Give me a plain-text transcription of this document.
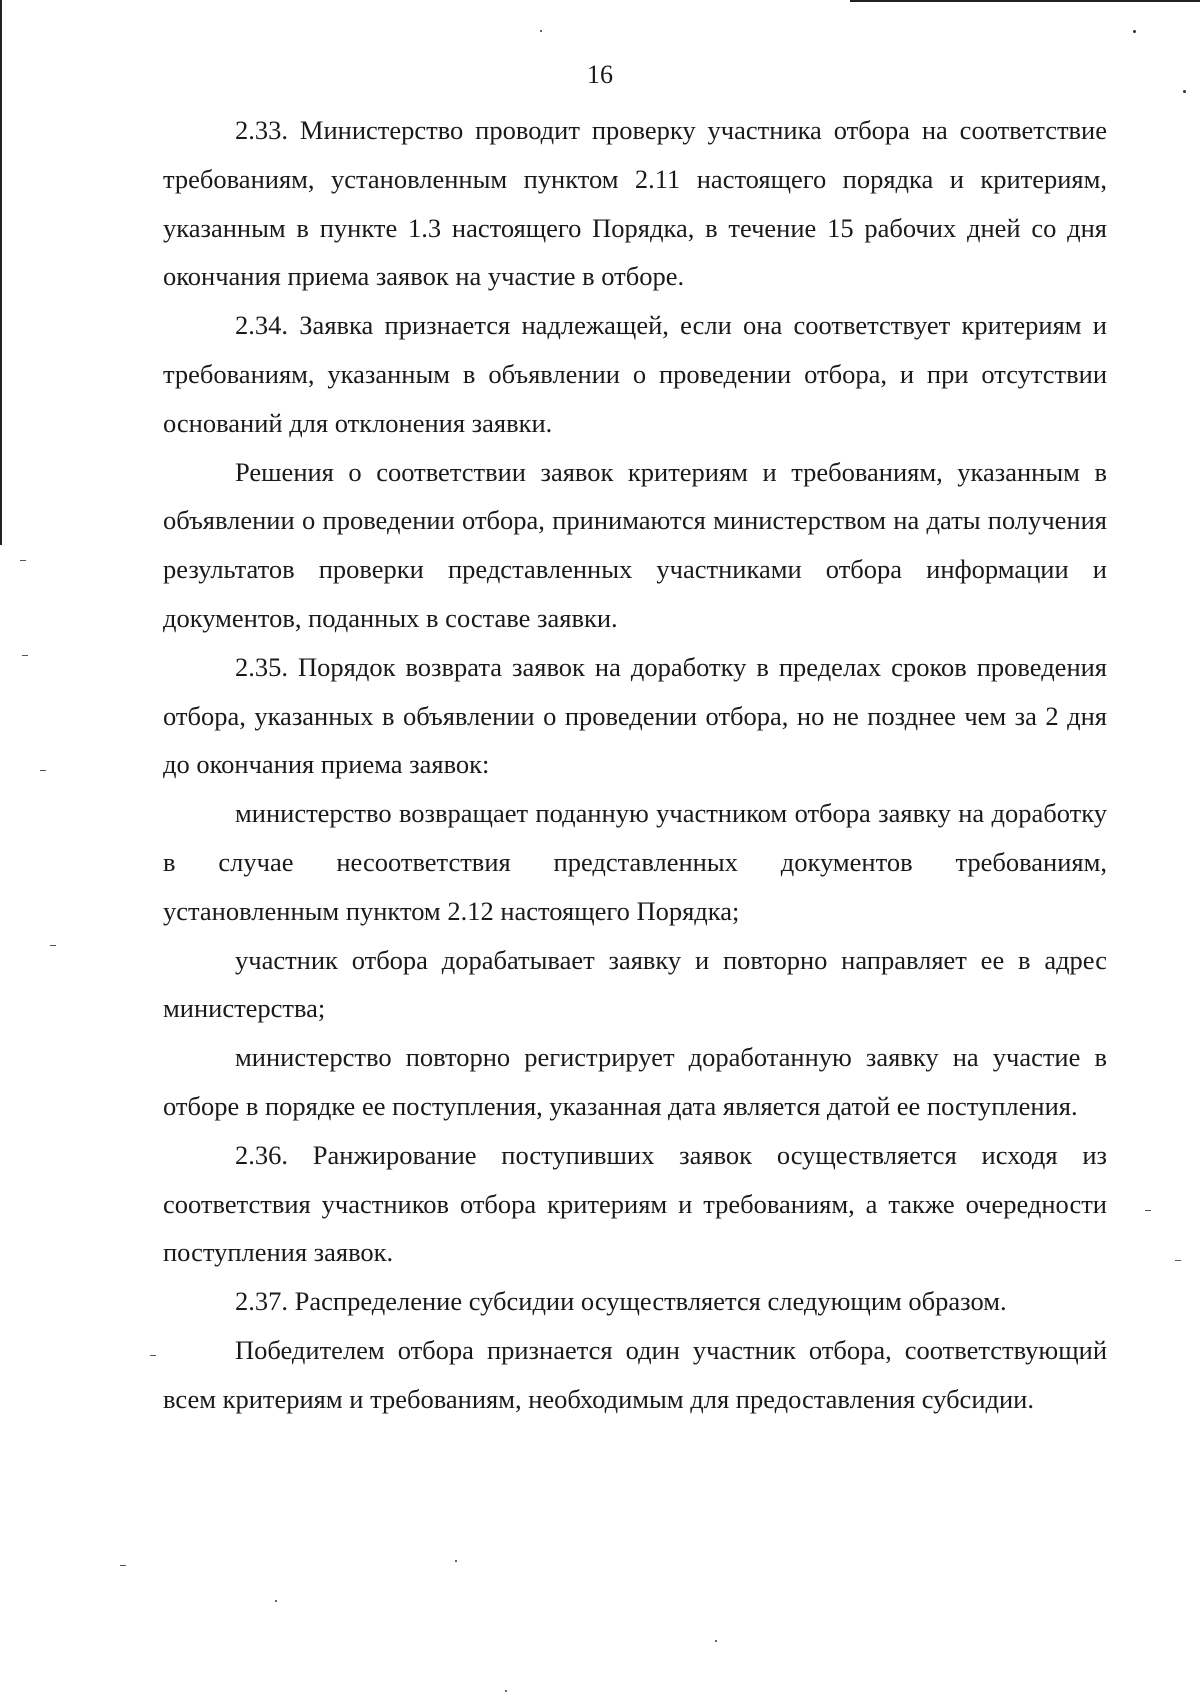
16

2.33. Министерство проводит проверку участника отбора на соответствие требованиям, установленным пунктом 2.11 настоящего порядка и критериям, указанным в пункте 1.3 настоящего Порядка, в течение 15 рабочих дней со дня окончания приема заявок на участие в отборе.

2.34. Заявка признается надлежащей, если она соответствует критериям и требованиям, указанным в объявлении о проведении отбора, и при отсутствии оснований для отклонения заявки.

Решения о соответствии заявок критериям и требованиям, указанным в объявлении о проведении отбора, принимаются министерством на даты получения результатов проверки представленных участниками отбора информации и документов, поданных в составе заявки.

2.35. Порядок возврата заявок на доработку в пределах сроков проведения отбора, указанных в объявлении о проведении отбора, но не позднее чем за 2 дня до окончания приема заявок:

министерство возвращает поданную участником отбора заявку на доработку в случае несоответствия представленных документов требованиям, установленным пунктом 2.12 настоящего Порядка;

участник отбора дорабатывает заявку и повторно направляет ее в адрес министерства;

министерство повторно регистрирует доработанную заявку на участие в отборе в порядке ее поступления, указанная дата является датой ее поступления.

2.36. Ранжирование поступивших заявок осуществляется исходя из соответствия участников отбора критериям и требованиям, а также очередности поступления заявок.

2.37. Распределение субсидии осуществляется следующим образом.

Победителем отбора признается один участник отбора, соответствующий всем критериям и требованиям, необходимым для предоставления субсидии.
